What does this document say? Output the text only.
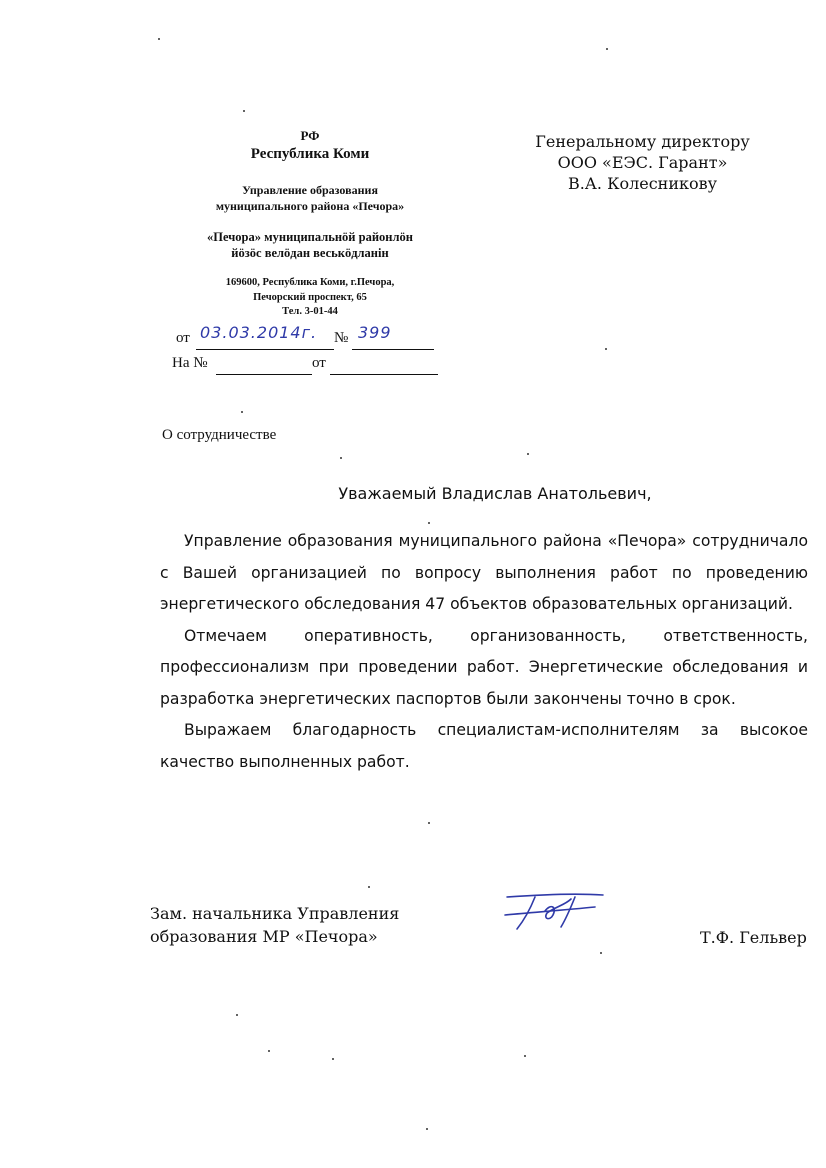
РФ
Республика Коми
Управление образования
муниципального района «Печора»
«Печора» муниципальнӧй районлӧн
йӧзӧс велӧдан веськӧдланін
169600, Республика Коми, г.Печора,
Печорский проспект, 65
Тел. 3-01-44
от 03.03.2014г. № 399
На №	от
Генеральному директору
ООО «ЕЭС. Гарант»
В.А. Колесникову
О сотрудничестве
Уважаемый Владислав Анатольевич,

Управление образования муниципального района «Печора» сотрудничало с Вашей организацией по вопросу выполнения работ по проведению энергетического обследования 47 объектов образовательных организаций.

Отмечаем оперативность, организованность, ответственность, профессионализм при проведении работ. Энергетические обследования и разработка энергетических паспортов были закончены точно в срок.

Выражаем благодарность специалистам-исполнителям за высокое качество выполненных работ.

Зам. начальника Управления
образования МР «Печора»	Т.Ф. Гельвер
